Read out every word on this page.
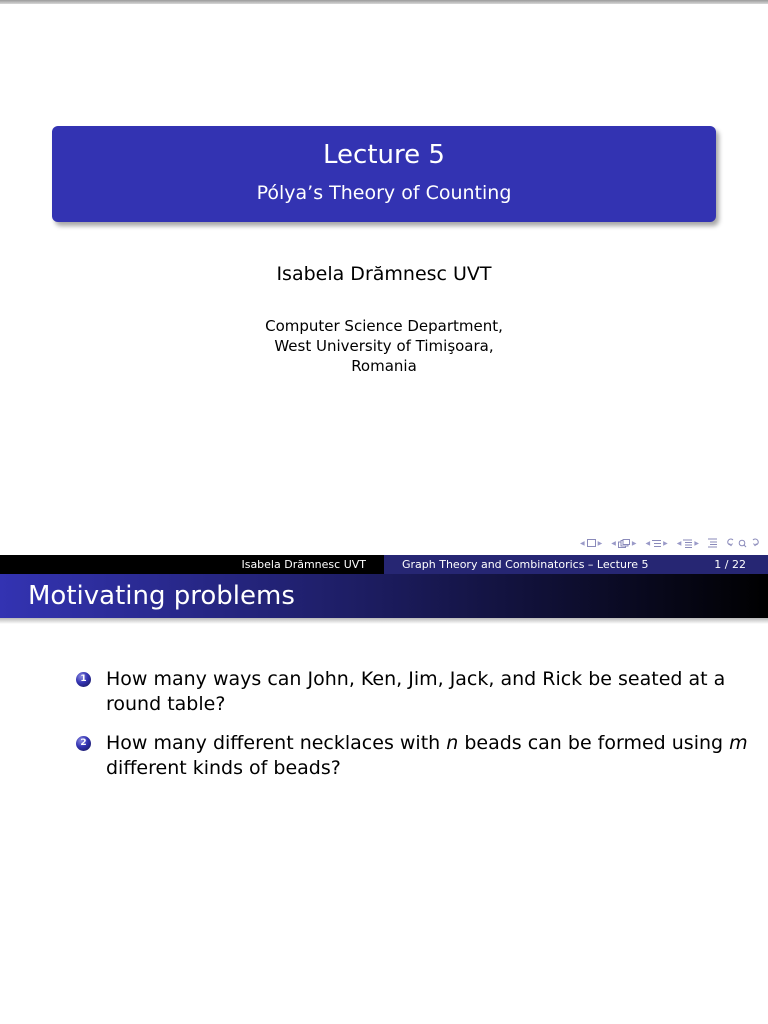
Lecture 5
Pólya’s Theory of Counting
Isabela Drămnesc UVT
Computer Science Department,
West University of Timişoara,
Romania
◀ ▶ ◀	▶ ◀ ▶ ◀ ▶
Isabela Drămnesc UVT	Graph Theory and Combinatorics – Lecture 5	1 / 22
Motivating problems
1 How many ways can John, Ken, Jim, Jack, and Rick be seated at a
round table?
2 How many different necklaces with n beads can be formed using m
different kinds of beads?
